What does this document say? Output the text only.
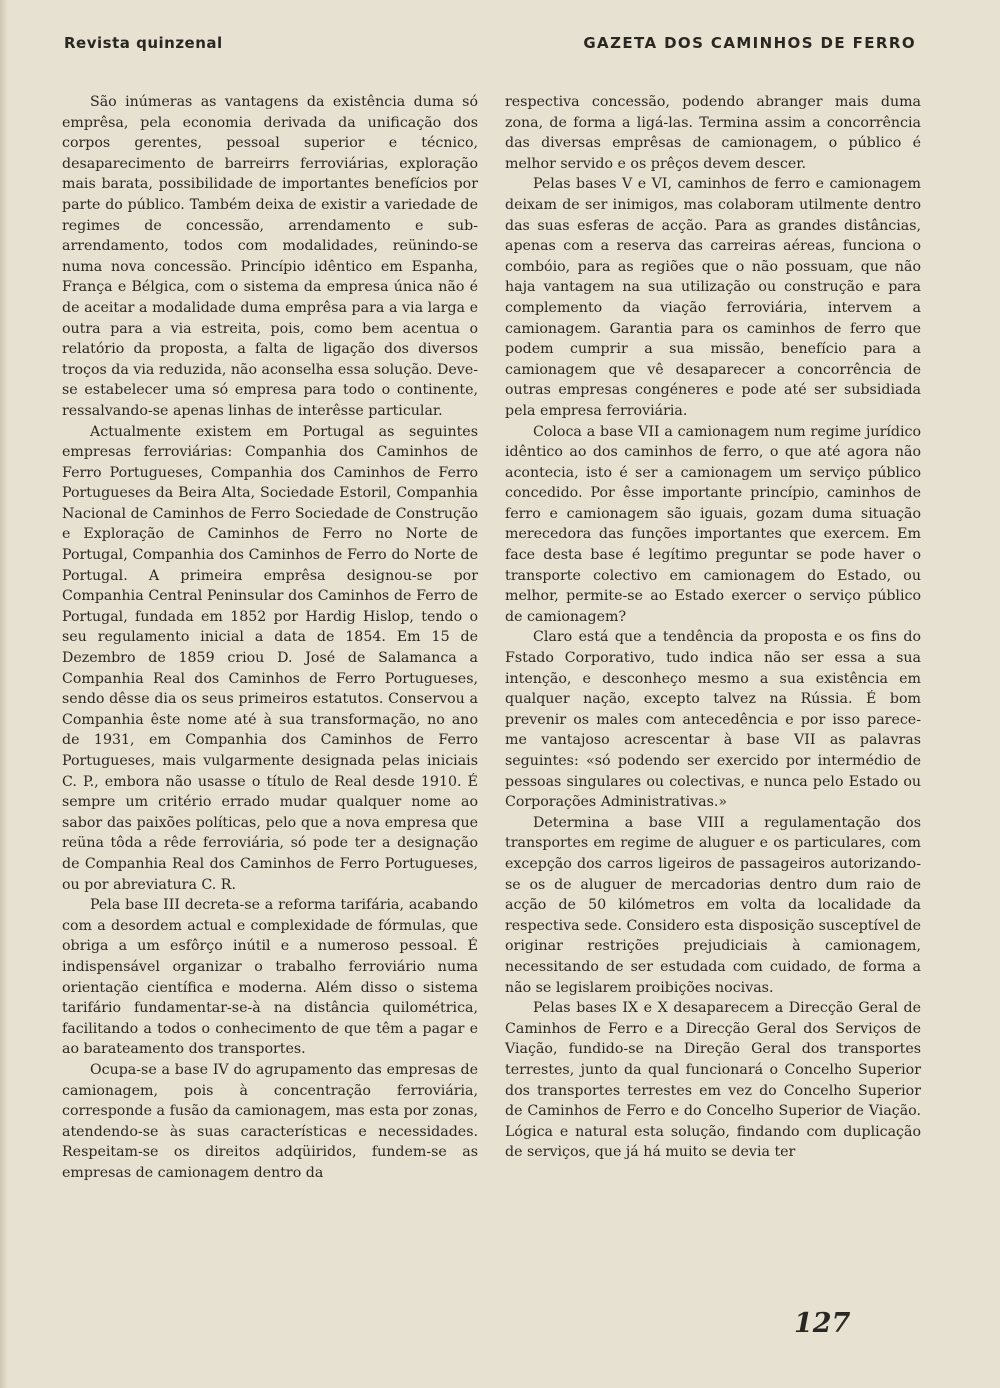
Revista quinzenal	GAZETA DOS CAMINHOS DE FERRO

São inúmeras as vantagens da existência duma só emprêsa, pela economia derivada da unificação dos corpos gerentes, pessoal superior e técnico, desaparecimento de barreirrs ferroviárias, exploração mais barata, possibilidade de importantes benefícios por parte do público. Também deixa de existir a variedade de regimes de concessão, arrendamento e sub-arrendamento, todos com modalidades, reünindo-se numa nova concessão. Princípio idêntico em Espanha, França e Bélgica, com o sistema da empresa única não é de aceitar a modalidade duma emprêsa para a via larga e outra para a via estreita, pois, como bem acentua o relatório da proposta, a falta de ligação dos diversos troços da via reduzida, não aconselha essa solução. Deve-se estabelecer uma só empresa para todo o continente, ressalvando-se apenas linhas de interêsse particular.

Actualmente existem em Portugal as seguintes empresas ferroviárias: Companhia dos Caminhos de Ferro Portugueses, Companhia dos Caminhos de Ferro Portugueses da Beira Alta, Sociedade Estoril, Companhia Nacional de Caminhos de Ferro Sociedade de Construção e Exploração de Caminhos de Ferro no Norte de Portugal, Companhia dos Caminhos de Ferro do Norte de Portugal. A primeira emprêsa designou-se por Companhia Central Peninsular dos Caminhos de Ferro de Portugal, fundada em 1852 por Hardig Hislop, tendo o seu regulamento inicial a data de 1854. Em 15 de Dezembro de 1859 criou D. José de Salamanca a Companhia Real dos Caminhos de Ferro Portugueses, sendo dêsse dia os seus primeiros estatutos. Conservou a Companhia êste nome até à sua transformação, no ano de 1931, em Companhia dos Caminhos de Ferro Portugueses, mais vulgarmente designada pelas iniciais C. P., embora não usasse o título de Real desde 1910. É sempre um critério errado mudar qualquer nome ao sabor das paixões políticas, pelo que a nova empresa que reüna tôda a rêde ferroviária, só pode ter a designação de Companhia Real dos Caminhos de Ferro Portugueses, ou por abreviatura C. R.

Pela base III decreta-se a reforma tarifária, acabando com a desordem actual e complexidade de fórmulas, que obriga a um esfôrço inútil e a numeroso pessoal. É indispensável organizar o trabalho ferroviário numa orientação científica e moderna. Além disso o sistema tarifário fundamentar-se-à na distância quilométrica, facilitando a todos o conhecimento de que têm a pagar e ao barateamento dos transportes.

Ocupa-se a base IV do agrupamento das empresas de camionagem, pois à concentração ferroviária, corresponde a fusão da camionagem, mas esta por zonas, atendendo-se às suas características e necessidades. Respeitam-se os direitos adqüiridos, fundem-se as empresas de camionagem dentro da

respectiva concessão, podendo abranger mais duma zona, de forma a ligá-las. Termina assim a concorrência das diversas emprêsas de camionagem, o público é melhor servido e os prêços devem descer.

Pelas bases V e VI, caminhos de ferro e camionagem deixam de ser inimigos, mas colaboram utilmente dentro das suas esferas de acção. Para as grandes distâncias, apenas com a reserva das carreiras aéreas, funciona o combóio, para as regiões que o não possuam, que não haja vantagem na sua utilização ou construção e para complemento da viação ferroviária, intervem a camionagem. Garantia para os caminhos de ferro que podem cumprir a sua missão, benefício para a camionagem que vê desaparecer a concorrência de outras empresas congéneres e pode até ser subsidiada pela empresa ferroviária.

Coloca a base VII a camionagem num regime jurídico idêntico ao dos caminhos de ferro, o que até agora não acontecia, isto é ser a camionagem um serviço público concedido. Por êsse importante princípio, caminhos de ferro e camionagem são iguais, gozam duma situação merecedora das funções importantes que exercem. Em face desta base é legítimo preguntar se pode haver o transporte colectivo em camionagem do Estado, ou melhor, permite-se ao Estado exercer o serviço público de camionagem?

Claro está que a tendência da proposta e os fins do Fstado Corporativo, tudo indica não ser essa a sua intenção, e desconheço mesmo a sua existência em qualquer nação, excepto talvez na Rússia. É bom prevenir os males com antecedência e por isso parece-me vantajoso acrescentar à base VII as palavras seguintes: «só podendo ser exercido por intermédio de pessoas singulares ou colectivas, e nunca pelo Estado ou Corporações Administrativas.»

Determina a base VIII a regulamentação dos transportes em regime de aluguer e os particulares, com excepção dos carros ligeiros de passageiros autorizando-se os de aluguer de mercadorias dentro dum raio de acção de 50 kilómetros em volta da localidade da respectiva sede. Considero esta disposição susceptível de originar restrições prejudiciais à camionagem, necessitando de ser estudada com cuidado, de forma a não se legislarem proibições nocivas.

Pelas bases IX e X desaparecem a Direcção Geral de Caminhos de Ferro e a Direcção Geral dos Serviços de Viação, fundido-se na Direção Geral dos transportes terrestes, junto da qual funcionará o Concelho Superior dos transportes terrestes em vez do Concelho Superior de Caminhos de Ferro e do Concelho Superior de Viação. Lógica e natural esta solução, findando com duplicação de serviços, que já há muito se devia ter

127
